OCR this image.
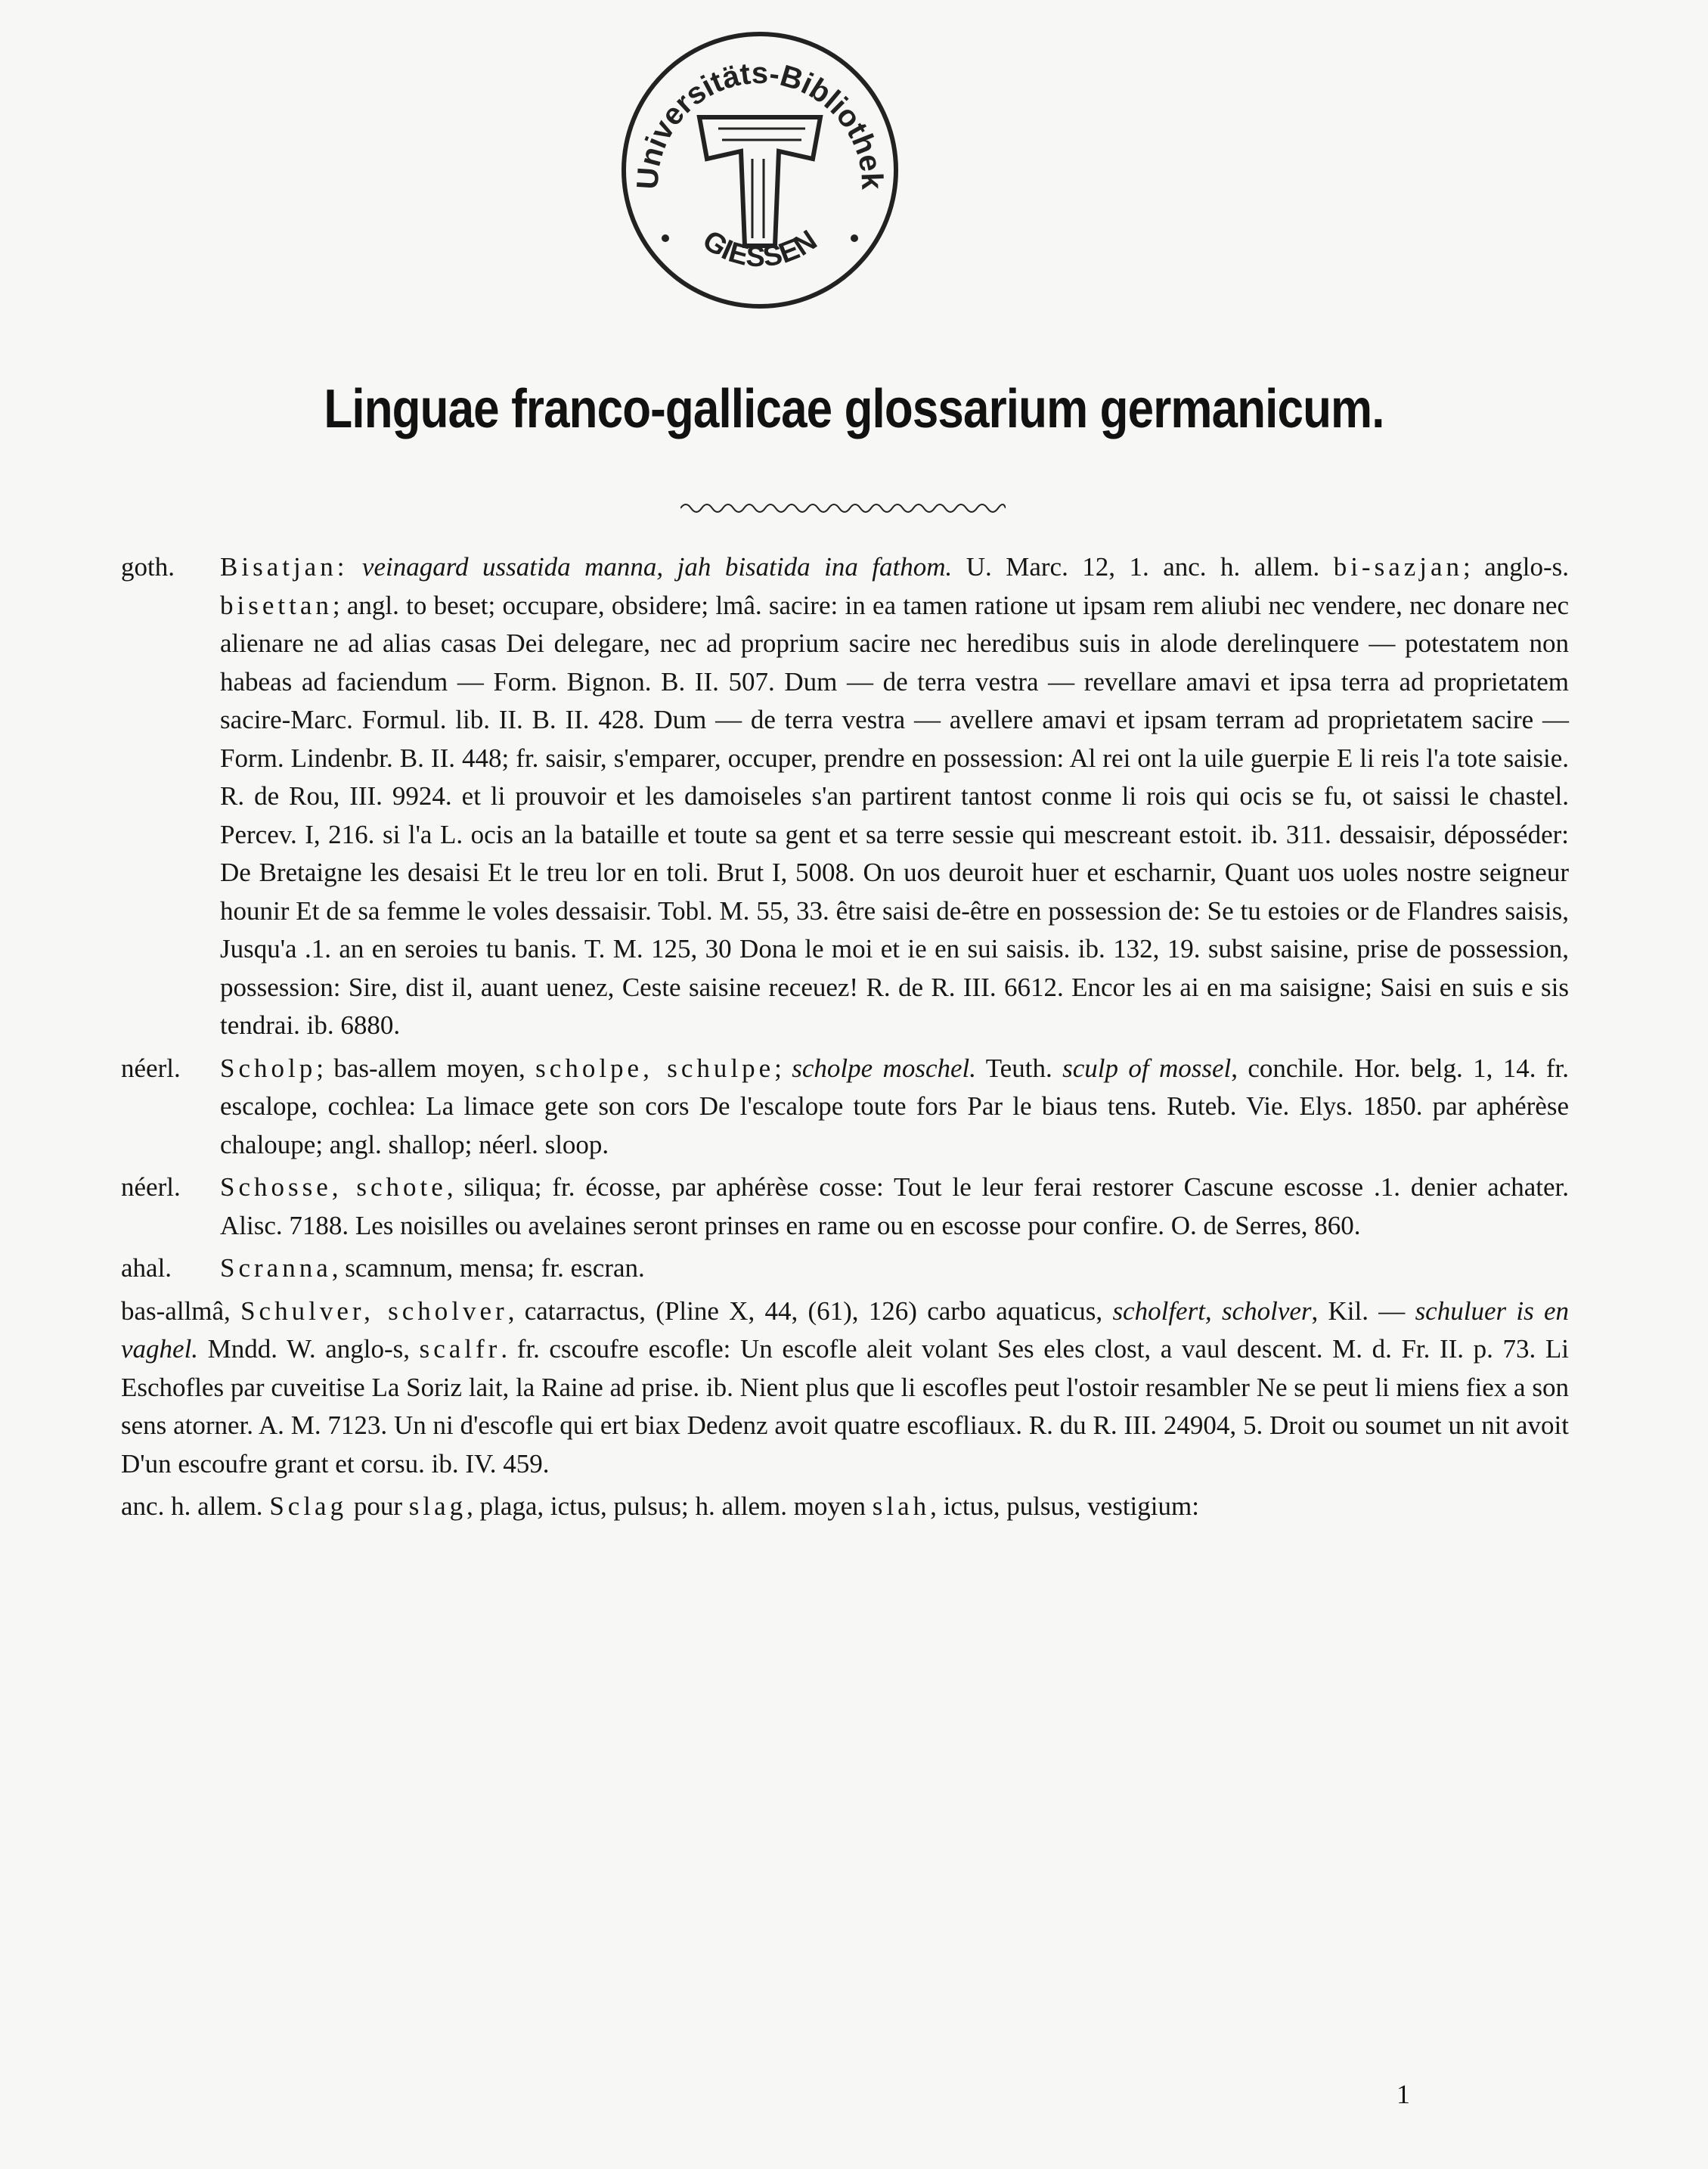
Universitäts-Bibliothek
GIESSEN
Linguae franco-gallicae glossarium germanicum.
goth. Bisatjan: veinagard ussatida manna, jah bisatida ina fathom. U. Marc. 12, 1. anc. h. allem. bi-sazjan; anglo-s. bisettan; angl. to beset; occupare, obsidere; lmâ. sacire: in ea tamen ratione ut ipsam rem aliubi nec vendere, nec donare nec alienare ne ad alias casas Dei delegare, nec ad proprium sacire nec heredibus suis in alode derelinquere — potestatem non habeas ad faciendum — Form. Bignon. B. II. 507. Dum — de terra vestra — revellare amavi et ipsa terra ad proprietatem sacire-Marc. Formul. lib. II. B. II. 428. Dum — de terra vestra — avellere amavi et ipsam terram ad proprietatem sacire — Form. Lindenbr. B. II. 448; fr. saisir, s'emparer, occuper, prendre en possession: Al rei ont la uile guerpie E li reis l'a tote saisie. R. de Rou, III. 9924. et li prouvoir et les damoiseles s'an partirent tantost conme li rois qui ocis se fu, ot saissi le chastel. Percev. I, 216. si l'a L. ocis an la bataille et toute sa gent et sa terre sessie qui mescreant estoit. ib. 311. dessaisir, déposséder: De Bretaigne les desaisi Et le treu lor en toli. Brut I, 5008. On uos deuroit huer et escharnir, Quant uos uoles nostre seigneur hounir Et de sa femme le voles dessaisir. Tobl. M. 55, 33. être saisi de-être en possession de: Se tu estoies or de Flandres saisis, Jusqu'a .1. an en seroies tu banis. T. M. 125, 30 Dona le moi et ie en sui saisis. ib. 132, 19. subst saisine, prise de possession, possession: Sire, dist il, auant uenez, Ceste saisine receuez! R. de R. III. 6612. Encor les ai en ma saisigne; Saisi en suis e sis tendrai. ib. 6880.
néerl. Scholp; bas-allem moyen, scholpe, schulpe; scholpe moschel. Teuth. sculp of mossel, conchile. Hor. belg. 1, 14. fr. escalope, cochlea: La limace gete son cors De l'escalope toute fors Par le biaus tens. Ruteb. Vie. Elys. 1850. par aphérèse chaloupe; angl. shallop; néerl. sloop.
néerl. Schosse, schote, siliqua; fr. écosse, par aphérèse cosse: Tout le leur ferai restorer Cascune escosse .1. denier achater. Alisc. 7188. Les noisilles ou avelaines seront prinses en rame ou en escosse pour confire. O. de Serres, 860.
ahal. Scranna, scamnum, mensa; fr. escran.
bas-allmâ, Schulver, scholver, catarractus, (Pline X, 44, (61), 126) carbo aquaticus, scholfert, scholver, Kil. — schuluer is en vaghel. Mndd. W. anglo-s, scalfr. fr. cscoufre escofle: Un escofle aleit volant Ses eles clost, a vaul descent. M. d. Fr. II. p. 73. Li Eschofles par cuveitise La Soriz lait, la Raine ad prise. ib. Nient plus que li escofles peut l'ostoir resambler Ne se peut li miens fiex a son sens atorner. A. M. 7123. Un ni d'escofle qui ert biax Dedenz avoit quatre escofliaux. R. du R. III. 24904, 5. Droit ou soumet un nit avoit D'un escoufre grant et corsu. ib. IV. 459.
anc. h. allem. Sclag pour slag, plaga, ictus, pulsus; h. allem. moyen slah, ictus, pulsus, vestigium:
1
